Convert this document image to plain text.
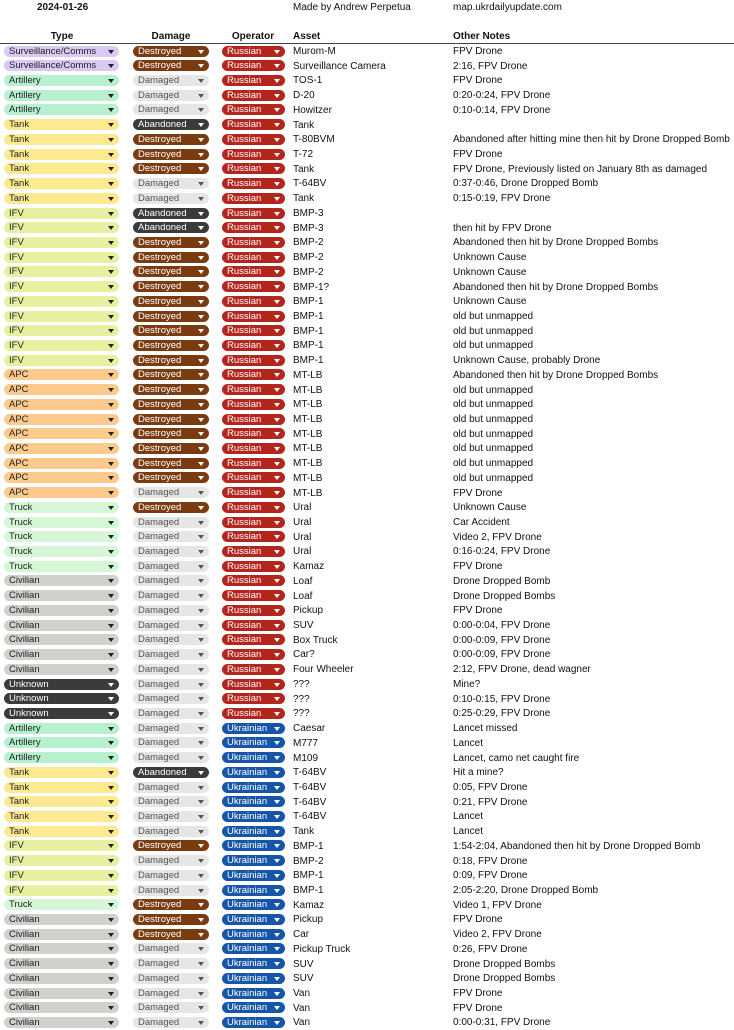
2024-01-26	Made by Andrew Perpetua	map.ukrdailyupdate.com
Type	Damage	Operator	Asset	Other Notes
Surveillance/Comms	Destroyed	Russian	Murom-M	FPV Drone
Surveillance/Comms	Destroyed	Russian	Surveillance Camera	2:16, FPV Drone
Artillery	Damaged	Russian	TOS-1	FPV Drone
Artillery	Damaged	Russian	D-20	0:20-0:24, FPV Drone
Artillery	Damaged	Russian	Howitzer	0:10-0:14, FPV Drone
Tank	Abandoned	Russian	Tank
Tank	Destroyed	Russian	T-80BVM	Abandoned after hitting mine then hit by Drone Dropped Bomb
Tank	Destroyed	Russian	T-72	FPV Drone
Tank	Destroyed	Russian	Tank	FPV Drone, Previously listed on January 8th as damaged
Tank	Damaged	Russian	T-64BV	0:37-0:46, Drone Dropped Bomb
Tank	Damaged	Russian	Tank	0:15-0:19, FPV Drone
IFV	Abandoned	Russian	BMP-3
IFV	Abandoned	Russian	BMP-3	then hit by FPV Drone
IFV	Destroyed	Russian	BMP-2	Abandoned then hit by Drone Dropped Bombs
IFV	Destroyed	Russian	BMP-2	Unknown Cause
IFV	Destroyed	Russian	BMP-2	Unknown Cause
IFV	Destroyed	Russian	BMP-1?	Abandoned then hit by Drone Dropped Bombs
IFV	Destroyed	Russian	BMP-1	Unknown Cause
IFV	Destroyed	Russian	BMP-1	old but unmapped
IFV	Destroyed	Russian	BMP-1	old but unmapped
IFV	Destroyed	Russian	BMP-1	old but unmapped
IFV	Destroyed	Russian	BMP-1	Unknown Cause, probably Drone
APC	Destroyed	Russian	MT-LB	Abandoned then hit by Drone Dropped Bombs
APC	Destroyed	Russian	MT-LB	old but unmapped
APC	Destroyed	Russian	MT-LB	old but unmapped
APC	Destroyed	Russian	MT-LB	old but unmapped
APC	Destroyed	Russian	MT-LB	old but unmapped
APC	Destroyed	Russian	MT-LB	old but unmapped
APC	Destroyed	Russian	MT-LB	old but unmapped
APC	Destroyed	Russian	MT-LB	old but unmapped
APC	Damaged	Russian	MT-LB	FPV Drone
Truck	Destroyed	Russian	Ural	Unknown Cause
Truck	Damaged	Russian	Ural	Car Accident
Truck	Damaged	Russian	Ural	Video 2, FPV Drone
Truck	Damaged	Russian	Ural	0:16-0:24, FPV Drone
Truck	Damaged	Russian	Kamaz	FPV Drone
Civilian	Damaged	Russian	Loaf	Drone Dropped Bomb
Civilian	Damaged	Russian	Loaf	Drone Dropped Bombs
Civilian	Damaged	Russian	Pickup	FPV Drone
Civilian	Damaged	Russian	SUV	0:00-0:04, FPV Drone
Civilian	Damaged	Russian	Box Truck	0:00-0:09, FPV Drone
Civilian	Damaged	Russian	Car?	0:00-0:09, FPV Drone
Civilian	Damaged	Russian	Four Wheeler	2:12, FPV Drone, dead wagner
Unknown	Damaged	Russian	???	Mine?
Unknown	Damaged	Russian	???	0:10-0:15, FPV Drone
Unknown	Damaged	Russian	???	0:25-0:29, FPV Drone
Artillery	Damaged	Ukrainian	Caesar	Lancet missed
Artillery	Damaged	Ukrainian	M777	Lancet
Artillery	Damaged	Ukrainian	M109	Lancet, camo net caught fire
Tank	Abandoned	Ukrainian	T-64BV	Hit a mine?
Tank	Damaged	Ukrainian	T-64BV	0:05, FPV Drone
Tank	Damaged	Ukrainian	T-64BV	0:21, FPV Drone
Tank	Damaged	Ukrainian	T-64BV	Lancet
Tank	Damaged	Ukrainian	Tank	Lancet
IFV	Destroyed	Ukrainian	BMP-1	1:54-2:04, Abandoned then hit by Drone Dropped Bomb
IFV	Damaged	Ukrainian	BMP-2	0:18, FPV Drone
IFV	Damaged	Ukrainian	BMP-1	0:09, FPV Drone
IFV	Damaged	Ukrainian	BMP-1	2:05-2:20, Drone Dropped Bomb
Truck	Destroyed	Ukrainian	Kamaz	Video 1, FPV Drone
Civilian	Destroyed	Ukrainian	Pickup	FPV Drone
Civilian	Destroyed	Ukrainian	Car	Video 2, FPV Drone
Civilian	Damaged	Ukrainian	Pickup Truck	0:26, FPV Drone
Civilian	Damaged	Ukrainian	SUV	Drone Dropped Bombs
Civilian	Damaged	Ukrainian	SUV	Drone Dropped Bombs
Civilian	Damaged	Ukrainian	Van	FPV Drone
Civilian	Damaged	Ukrainian	Van	FPV Drone
Civilian	Damaged	Ukrainian	Van	0:00-0:31, FPV Drone
